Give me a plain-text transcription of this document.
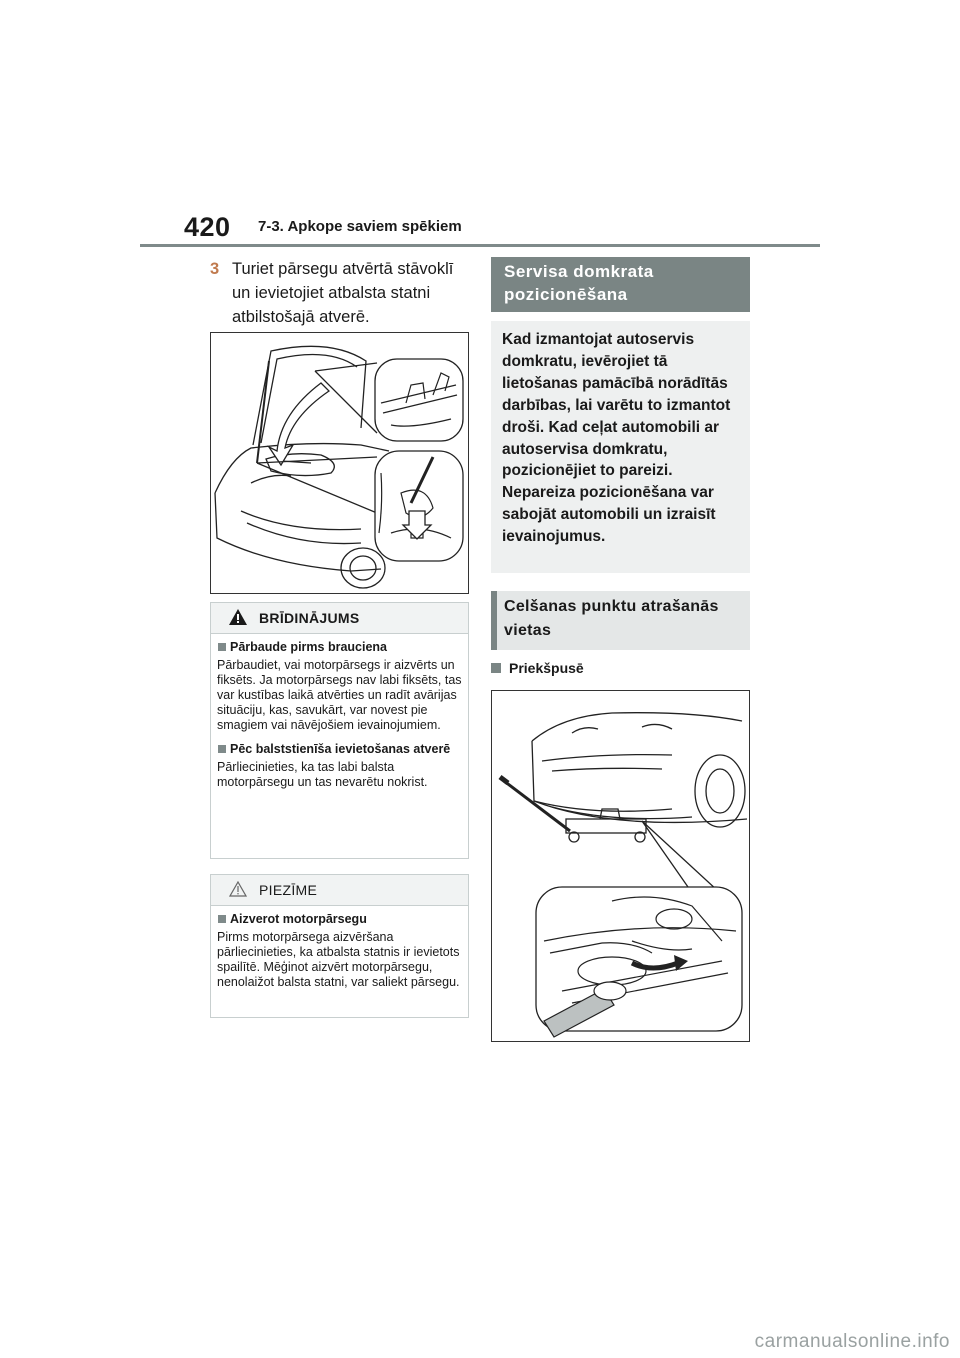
420 7-3. Apkope saviem spēkiem
3 Turiet pārsegu atvērtā stāvoklī un ievietojiet atbalsta statni atbilstošajā atverē.
BRĪDINĀJUMS
Pārbaude pirms brauciena

Pārbaudiet, vai motorpārsegs ir aizvērts un fiksēts. Ja motorpārsegs nav labi fiksēts, tas var kustības laikā atvērties un radīt avārijas situāciju, kas, savukārt, var novest pie smagiem vai nāvējošiem ievainojumiem.

Pēc balststienīša ievietošanas atverē

Pārliecinieties, ka tas labi balsta motorpārsegu un tas nevarētu nokrist.

PIEZĪME
Aizverot motorpārsegu

Pirms motorpārsega aizvēršana pārliecinieties, ka atbalsta statnis ir ievietots spailītē. Mēģinot aizvērt motorpārsegu, nenolaižot balsta statni, var saliekt pārsegu.

Servisa domkrata pozicionēšana
Kad izmantojat autoservis domkratu, ievērojiet tā lietošanas pamācībā norādītās darbības, lai varētu to izmantot droši. Kad ceļat automobili ar autoservisa domkratu, pozicionējiet to pareizi. Nepareiza pozicionēšana var sabojāt automobili un izraisīt ievainojumus.
Celšanas punktu atrašanās vietas
Priekšpusē
carmanualsonline.info
